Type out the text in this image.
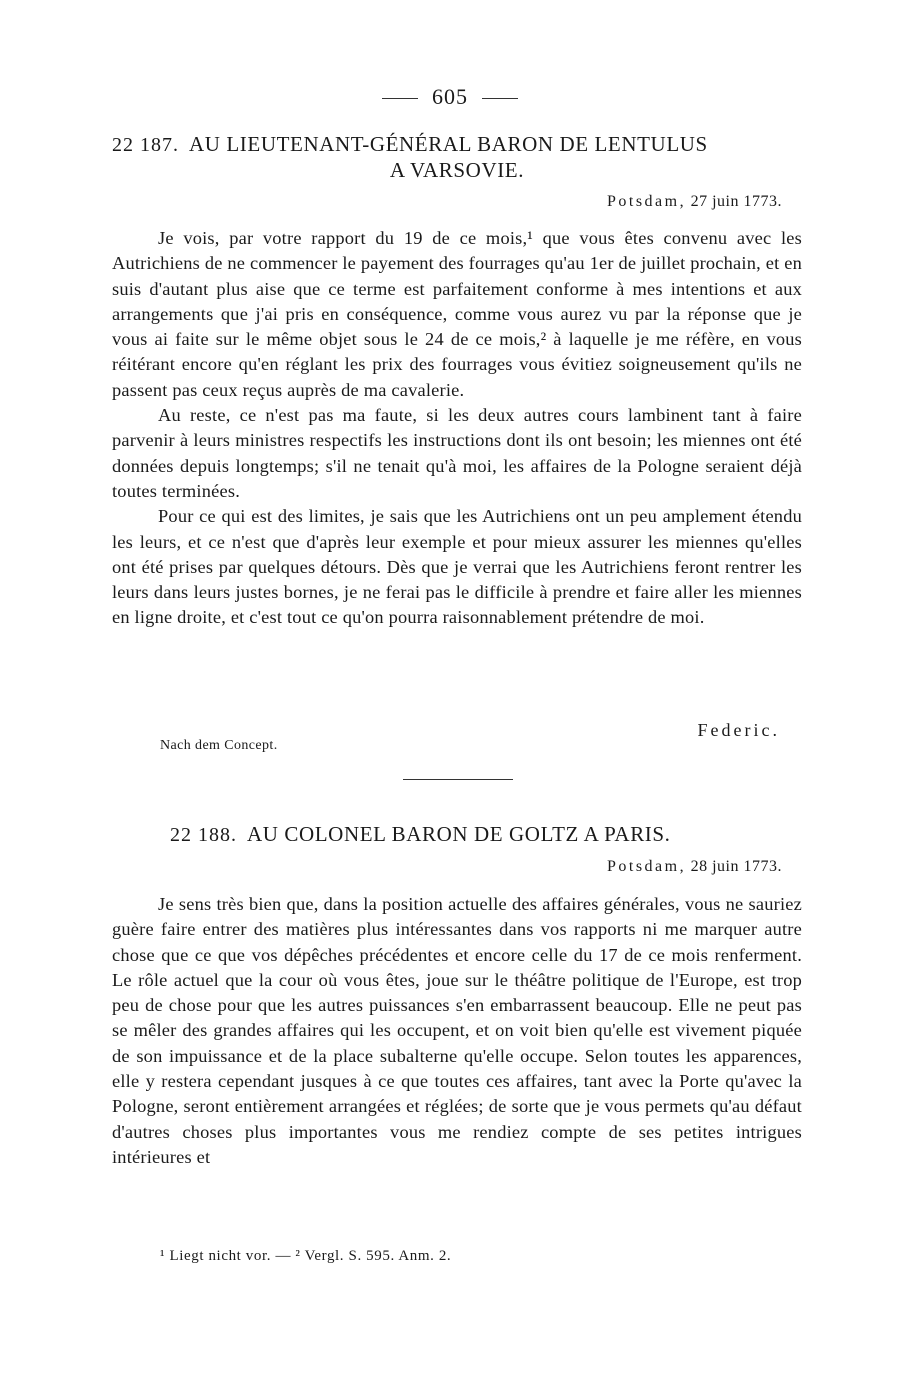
605
22 187. AU LIEUTENANT-GÉNÉRAL BARON DE LENTULUS
A VARSOVIE.
Potsdam, 27 juin 1773.

Je vois, par votre rapport du 19 de ce mois,¹ que vous êtes convenu avec les Autrichiens de ne commencer le payement des fourrages qu'au 1er de juillet prochain, et en suis d'autant plus aise que ce terme est parfaitement conforme à mes intentions et aux arrangements que j'ai pris en conséquence, comme vous aurez vu par la réponse que je vous ai faite sur le même objet sous le 24 de ce mois,² à laquelle je me réfère, en vous réitérant encore qu'en réglant les prix des fourrages vous évitiez soigneusement qu'ils ne passent pas ceux reçus auprès de ma cavalerie.

Au reste, ce n'est pas ma faute, si les deux autres cours lambinent tant à faire parvenir à leurs ministres respectifs les instructions dont ils ont besoin; les miennes ont été données depuis longtemps; s'il ne tenait qu'à moi, les affaires de la Pologne seraient déjà toutes terminées.

Pour ce qui est des limites, je sais que les Autrichiens ont un peu amplement étendu les leurs, et ce n'est que d'après leur exemple et pour mieux assurer les miennes qu'elles ont été prises par quelques détours. Dès que je verrai que les Autrichiens feront rentrer les leurs dans leurs justes bornes, je ne ferai pas le difficile à prendre et faire aller les miennes en ligne droite, et c'est tout ce qu'on pourra raisonnablement prétendre de moi.

Federic.
Nach dem Concept.
22 188. AU COLONEL BARON DE GOLTZ A PARIS.
Potsdam, 28 juin 1773.

Je sens très bien que, dans la position actuelle des affaires générales, vous ne sauriez guère faire entrer des matières plus intéressantes dans vos rapports ni me marquer autre chose que ce que vos dépêches précédentes et encore celle du 17 de ce mois renferment. Le rôle actuel que la cour où vous êtes, joue sur le théâtre politique de l'Europe, est trop peu de chose pour que les autres puissances s'en embarrassent beaucoup. Elle ne peut pas se mêler des grandes affaires qui les occupent, et on voit bien qu'elle est vivement piquée de son impuissance et de la place subalterne qu'elle occupe. Selon toutes les apparences, elle y restera cependant jusques à ce que toutes ces affaires, tant avec la Porte qu'avec la Pologne, seront entièrement arrangées et réglées; de sorte que je vous permets qu'au défaut d'autres choses plus importantes vous me rendiez compte de ses petites intrigues intérieures et

¹ Liegt nicht vor. — ² Vergl. S. 595. Anm. 2.
